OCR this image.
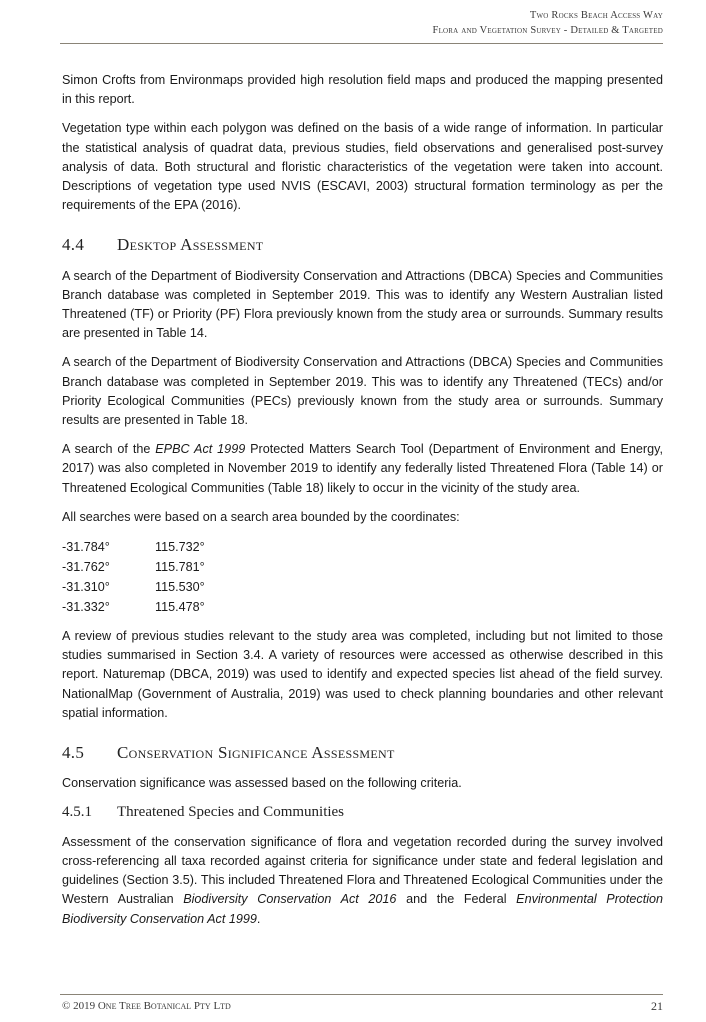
Two Rocks Beach Access Way
Flora and Vegetation Survey - Detailed & Targeted

Simon Crofts from Environmaps provided high resolution field maps and produced the mapping presented in this report.

Vegetation type within each polygon was defined on the basis of a wide range of information. In particular the statistical analysis of quadrat data, previous studies, field observations and generalised post-survey analysis of data. Both structural and floristic characteristics of the vegetation were taken into account. Descriptions of vegetation type used NVIS (ESCAVI, 2003) structural formation terminology as per the requirements of the EPA (2016).

4.4 Desktop Assessment

A search of the Department of Biodiversity Conservation and Attractions (DBCA) Species and Communities Branch database was completed in September 2019. This was to identify any Western Australian listed Threatened (TF) or Priority (PF) Flora previously known from the study area or surrounds. Summary results are presented in Table 14.

A search of the Department of Biodiversity Conservation and Attractions (DBCA) Species and Communities Branch database was completed in September 2019. This was to identify any Threatened (TECs) and/or Priority Ecological Communities (PECs) previously known from the study area or surrounds. Summary results are presented in Table 18.

A search of the EPBC Act 1999 Protected Matters Search Tool (Department of Environment and Energy, 2017) was also completed in November 2019 to identify any federally listed Threatened Flora (Table 14) or Threatened Ecological Communities (Table 18) likely to occur in the vicinity of the study area.

All searches were based on a search area bounded by the coordinates:

-31.784°	115.732°
-31.762°	115.781°
-31.310°	115.530°
-31.332°	115.478°

A review of previous studies relevant to the study area was completed, including but not limited to those studies summarised in Section 3.4. A variety of resources were accessed as otherwise described in this report. Naturemap (DBCA, 2019) was used to identify and expected species list ahead of the field survey. NationalMap (Government of Australia, 2019) was used to check planning boundaries and other relevant spatial information.

4.5 Conservation Significance Assessment

Conservation significance was assessed based on the following criteria.

4.5.1 Threatened Species and Communities

Assessment of the conservation significance of flora and vegetation recorded during the survey involved cross-referencing all taxa recorded against criteria for significance under state and federal legislation and guidelines (Section 3.5). This included Threatened Flora and Threatened Ecological Communities under the Western Australian Biodiversity Conservation Act 2016 and the Federal Environmental Protection Biodiversity Conservation Act 1999.

© 2019 One Tree Botanical Pty Ltd	21
